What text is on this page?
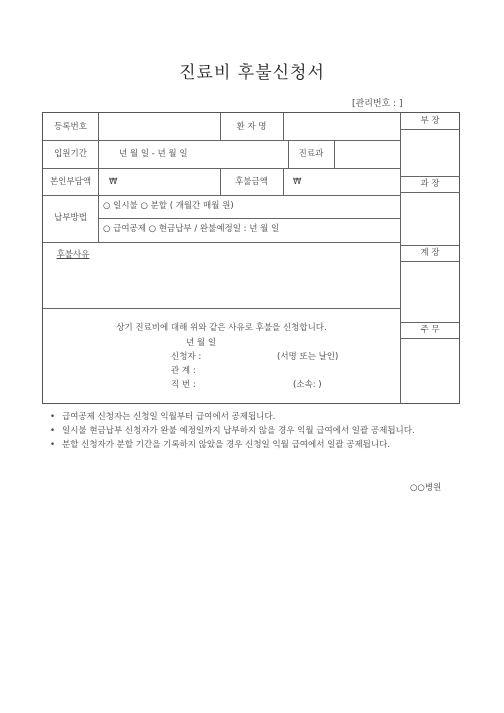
진료비 후불신청서
[관리번호 : ]
등록번호	환 자 명
입원기간	년 월 일 - 년 월 일	진료과
본인부담액	₩	후불금액	₩
납부방법
○ 일시불 ○ 분할 ( 개월간 매월 원)
○ 급여공제 ○ 현금납부 / 완불예정일 : 년 월 일
후불사유
상기 진료비에 대해 위와 같은 사유로 후불을 신청합니다.
년 월 일
신청자 :	(서명 또는 날인)
관 계 :
직 번 :	(소속: )
부 장
과 장
계 장
주 무
• 급여공제 신청자는 신청일 익월부터 급여에서 공제됩니다.
• 일시불 현금납부 신청자가 완불 예정일까지 납부하지 않을 경우 익월 급여에서 일괄 공제됩니다.
• 분할 신청자가 분할 기간을 기록하지 않았을 경우 신청일 익월 급여에서 일괄 공제됩니다.
○○병원
